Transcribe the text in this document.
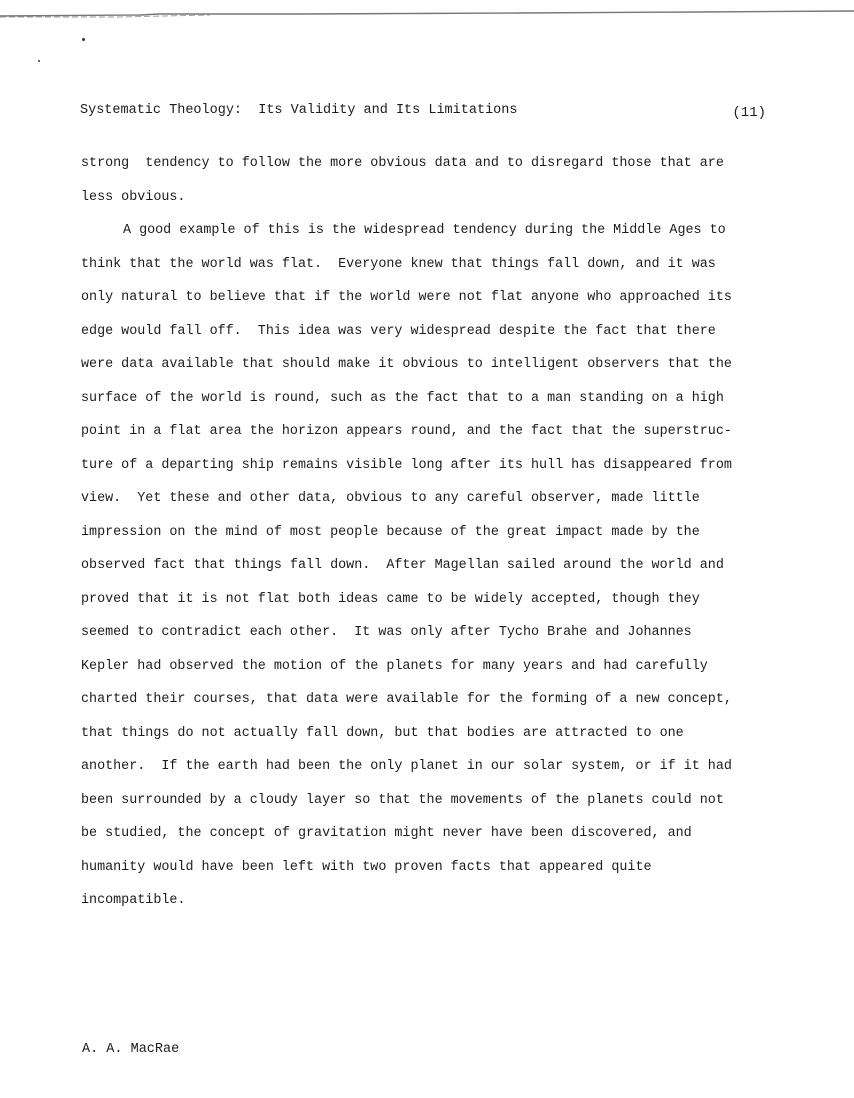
Systematic Theology:  Its Validity and Its Limitations	(11)
strong  tendency to follow the more obvious data and to disregard those that are
less obvious.
A good example of this is the widespread tendency during the Middle Ages to
think that the world was flat.  Everyone knew that things fall down, and it was
only natural to believe that if the world were not flat anyone who approached its
edge would fall off.  This idea was very widespread despite the fact that there
were data available that should make it obvious to intelligent observers that the
surface of the world is round, such as the fact that to a man standing on a high
point in a flat area the horizon appears round, and the fact that the superstruc-
ture of a departing ship remains visible long after its hull has disappeared from
view.  Yet these and other data, obvious to any careful observer, made little
impression on the mind of most people because of the great impact made by the
observed fact that things fall down.  After Magellan sailed around the world and
proved that it is not flat both ideas came to be widely accepted, though they
seemed to contradict each other.  It was only after Tycho Brahe and Johannes
Kepler had observed the motion of the planets for many years and had carefully
charted their courses, that data were available for the forming of a new concept,
that things do not actually fall down, but that bodies are attracted to one
another.  If the earth had been the only planet in our solar system, or if it had
been surrounded by a cloudy layer so that the movements of the planets could not
be studied, the concept of gravitation might never have been discovered, and
humanity would have been left with two proven facts that appeared quite
incompatible.
A. A. MacRae
